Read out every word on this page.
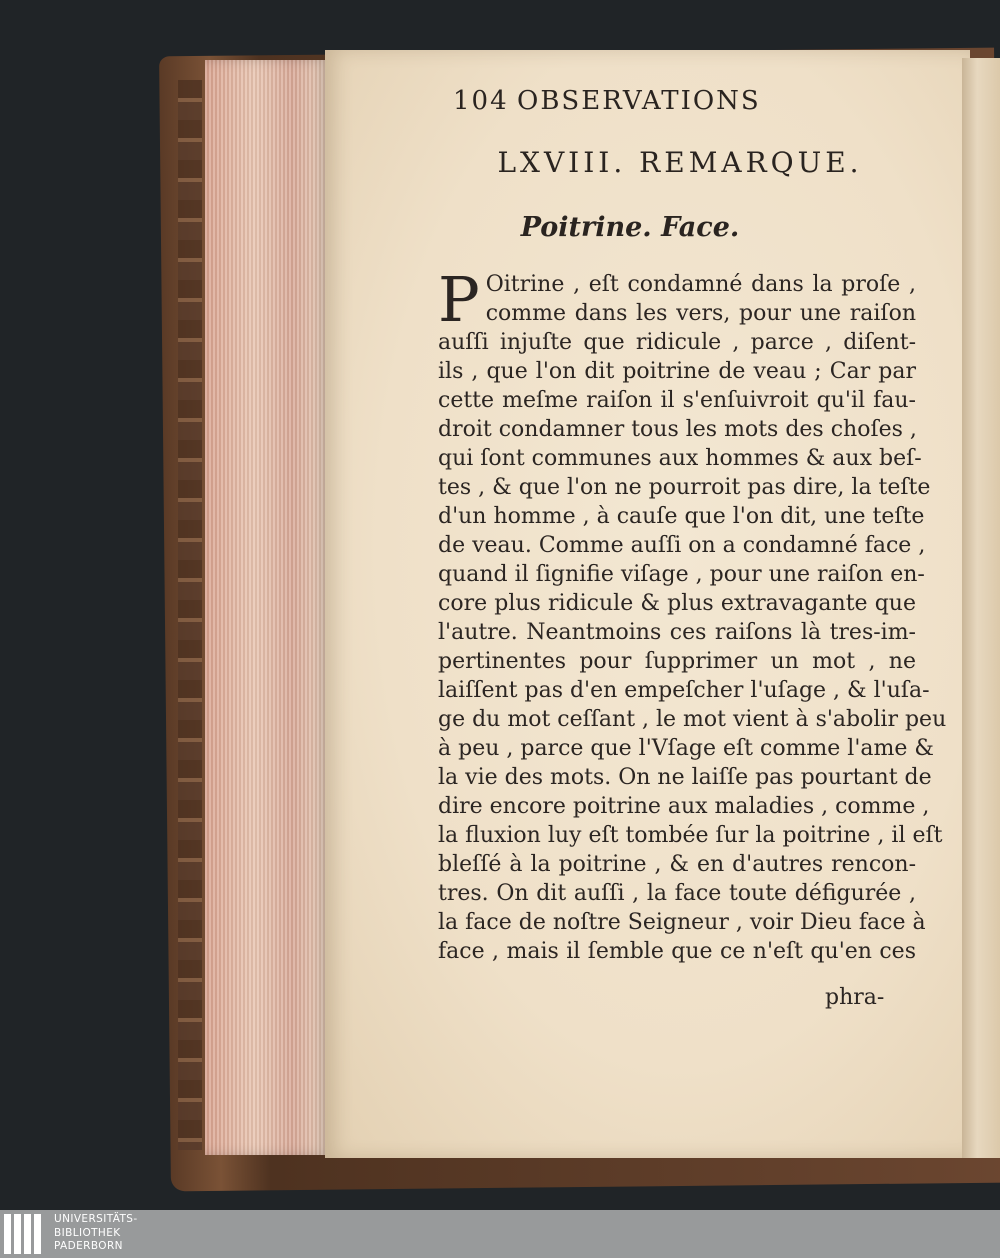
104 OBSERVATIONS
LXVIII. REMARQUE.
Poitrine. Face.
P Oitrine , eſt condamné dans la proſe ,
comme dans les vers, pour une raiſon
auſſi injuſte que ridicule , parce , diſent-
ils , que l'on dit poitrine de veau ; Car par
cette meſme raiſon il s'enſuivroit qu'il fau-
droit condamner tous les mots des choſes ,
qui ſont communes aux hommes & aux beſ-
tes , & que l'on ne pourroit pas dire, la teſte
d'un homme , à cauſe que l'on dit, une teſte
de veau. Comme auſſi on a condamné face ,
quand il ſignifie viſage , pour une raiſon en-
core plus ridicule & plus extravagante que
l'autre. Neantmoins ces raiſons là tres-im-
pertinentes pour ſupprimer un mot , ne
laiſſent pas d'en empeſcher l'uſage , & l'uſa-
ge du mot ceſſant , le mot vient à s'abolir peu
à peu , parce que l'Vſage eſt comme l'ame &
la vie des mots. On ne laiſſe pas pourtant de
dire encore poitrine aux maladies , comme ,
la fluxion luy eſt tombée ſur la poitrine , il eſt
bleſſé à la poitrine , & en d'autres rencon-
tres. On dit auſſi , la face toute défigurée ,
la face de noſtre Seigneur , voir Dieu face à
face , mais il ſemble que ce n'eſt qu'en ces
phra-
UNIVERSITÄTS-
BIBLIOTHEK
PADERBORN
